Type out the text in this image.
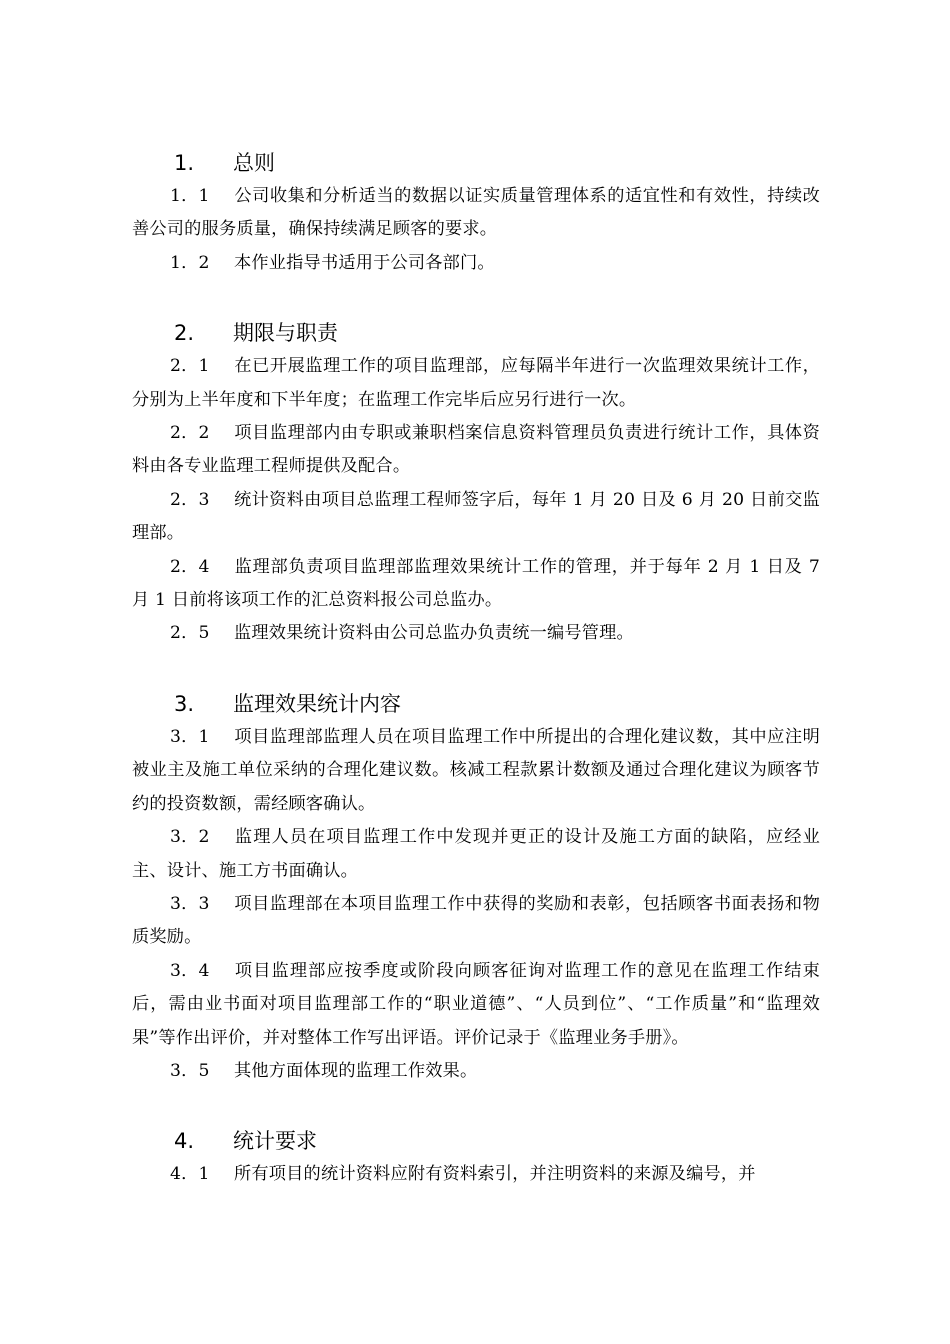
1.	总则

1．1 公司收集和分析适当的数据以证实质量管理体系的适宜性和有效性，持续改善公司的服务质量，确保持续满足顾客的要求。

1．2 本作业指导书适用于公司各部门。

2.	期限与职责

2．1 在已开展监理工作的项目监理部，应每隔半年进行一次监理效果统计工作，分别为上半年度和下半年度；在监理工作完毕后应另行进行一次。

2．2 项目监理部内由专职或兼职档案信息资料管理员负责进行统计工作，具体资料由各专业监理工程师提供及配合。

2．3 统计资料由项目总监理工程师签字后，每年 1 月 20 日及 6 月 20 日前交监理部。

2．4 监理部负责项目监理部监理效果统计工作的管理，并于每年 2 月 1 日及 7 月 1 日前将该项工作的汇总资料报公司总监办。

2．5 监理效果统计资料由公司总监办负责统一编号管理。

3.	监理效果统计内容

3．1 项目监理部监理人员在项目监理工作中所提出的合理化建议数，其中应注明被业主及施工单位采纳的合理化建议数。核减工程款累计数额及通过合理化建议为顾客节约的投资数额，需经顾客确认。

3．2 监理人员在项目监理工作中发现并更正的设计及施工方面的缺陷，应经业主、设计、施工方书面确认。

3．3 项目监理部在本项目监理工作中获得的奖励和表彰，包括顾客书面表扬和物质奖励。

3．4 项目监理部应按季度或阶段向顾客征询对监理工作的意见在监理工作结束后，需由业书面对项目监理部工作的“职业道德”、“人员到位”、“工作质量”和“监理效果”等作出评价，并对整体工作写出评语。评价记录于《监理业务手册》。

3．5 其他方面体现的监理工作效果。

4.	统计要求

4．1 所有项目的统计资料应附有资料索引，并注明资料的来源及编号，并
